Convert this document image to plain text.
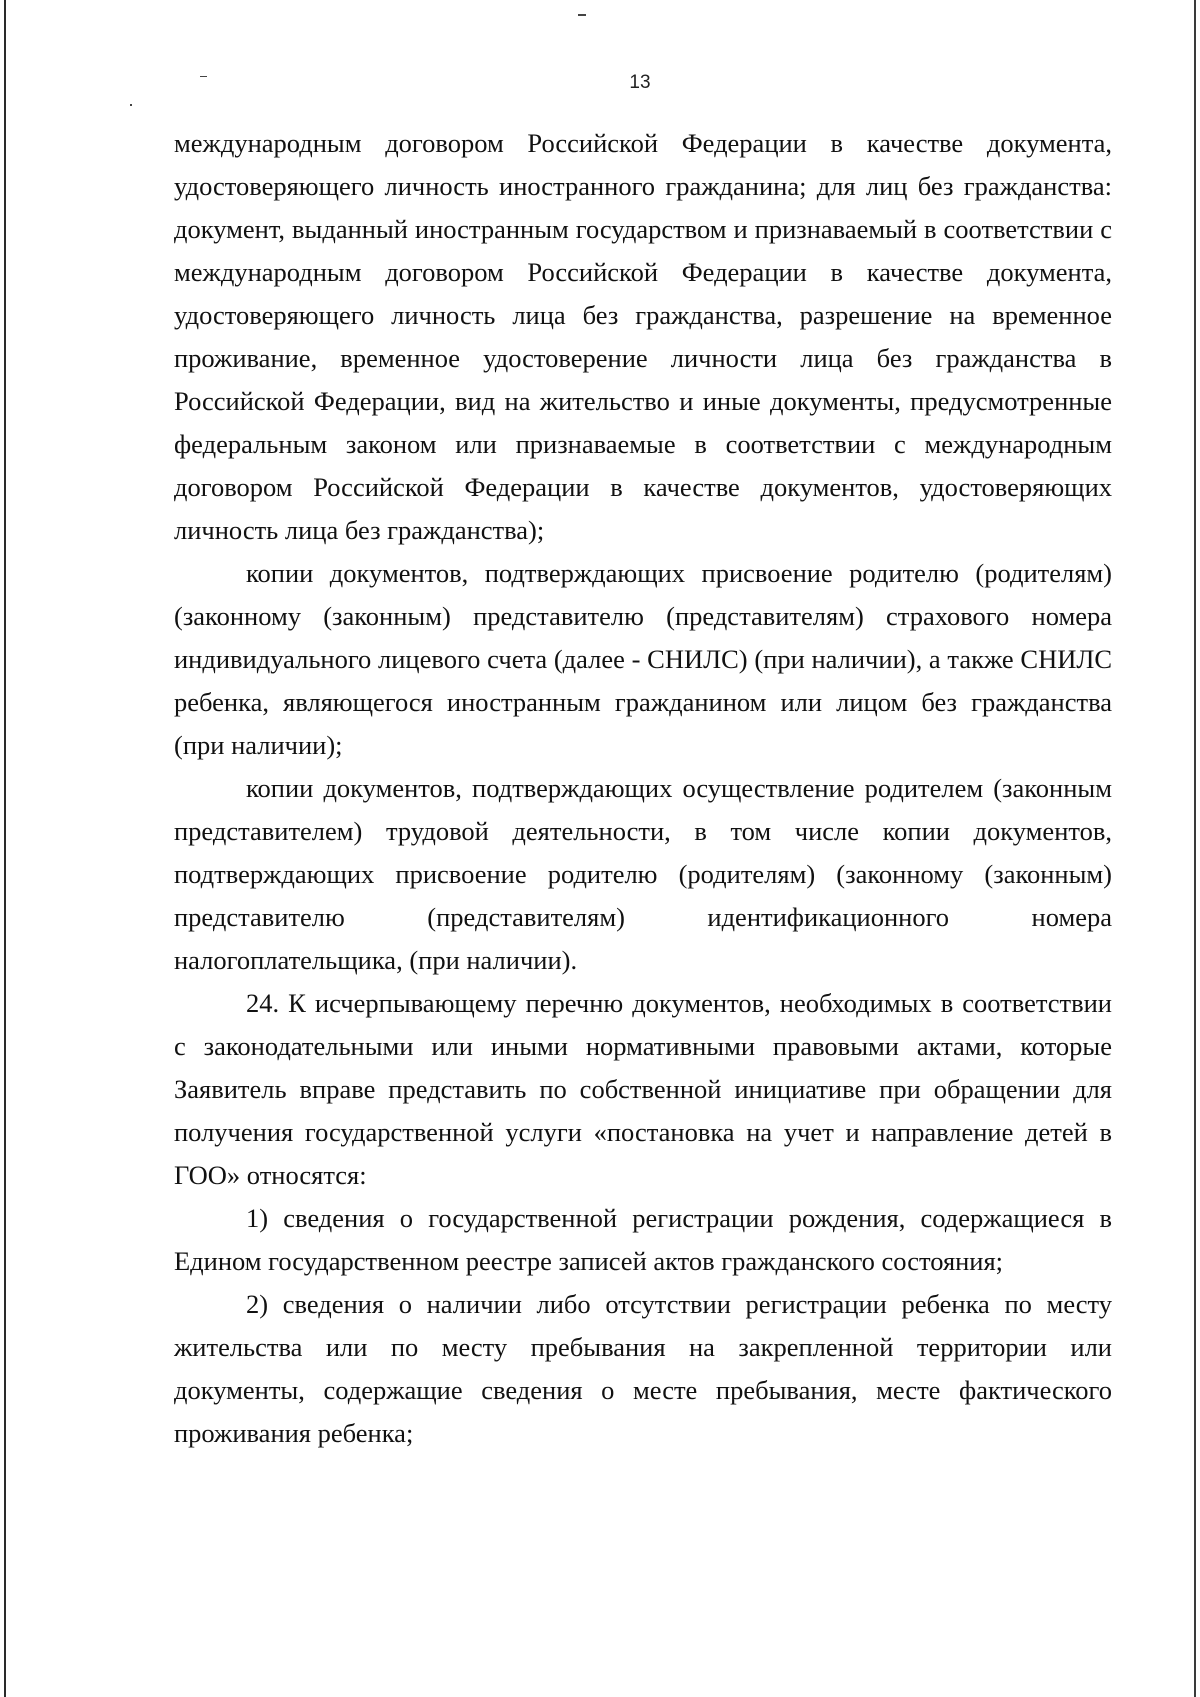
13

международным договором Российской Федерации в качестве документа, удостоверяющего личность иностранного гражданина; для лиц без гражданства: документ, выданный иностранным государством и признаваемый в соответствии с международным договором Российской Федерации в качестве документа, удостоверяющего личность лица без гражданства, разрешение на временное проживание, временное удостоверение личности лица без гражданства в Российской Федерации, вид на жительство и иные документы, предусмотренные федеральным законом или признаваемые в соответствии с международным договором Российской Федерации в качестве документов, удостоверяющих личность лица без гражданства);

копии документов, подтверждающих присвоение родителю (родителям) (законному (законным) представителю (представителям) страхового номера индивидуального лицевого счета (далее - СНИЛС) (при наличии), а также СНИЛС ребенка, являющегося иностранным гражданином или лицом без гражданства (при наличии);

копии документов, подтверждающих осуществление родителем (законным представителем) трудовой деятельности, в том числе копии документов, подтверждающих присвоение родителю (родителям) (законному (законным) представителю (представителям) идентификационного номера налогоплательщика, (при наличии).

24. К исчерпывающему перечню документов, необходимых в соответствии с законодательными или иными нормативными правовыми актами, которые Заявитель вправе представить по собственной инициативе при обращении для получения государственной услуги «постановка на учет и направление детей в ГОО» относятся:

1) сведения о государственной регистрации рождения, содержащиеся в Едином государственном реестре записей актов гражданского состояния;

2) сведения о наличии либо отсутствии регистрации ребенка по месту жительства или по месту пребывания на закрепленной территории или документы, содержащие сведения о месте пребывания, месте фактического проживания ребенка;
